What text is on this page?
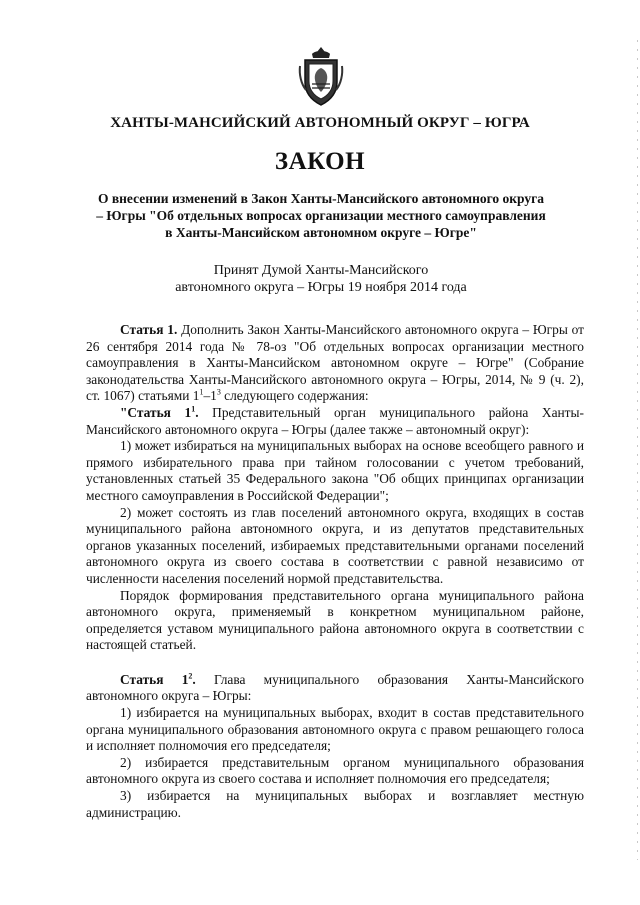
ХАНТЫ-МАНСИЙСКИЙ АВТОНОМНЫЙ ОКРУГ – ЮГРА
ЗАКОН
О внесении изменений в Закон Ханты-Мансийского автономного округа – Югры "Об отдельных вопросах организации местного самоуправления в Ханты-Мансийском автономном округе – Югре"
Принят Думой Ханты-Мансийского
автономного округа – Югры 19 ноября 2014 года

Статья 1. Дополнить Закон Ханты-Мансийского автономного округа – Югры от 26 сентября 2014 года № 78-оз "Об отдельных вопросах организации местного самоуправления в Ханты-Мансийском автономном округе – Югре" (Собрание законодательства Ханты-Мансийского автономного округа – Югры, 2014, № 9 (ч. 2), ст. 1067) статьями $1^1-1^3$ следующего содержания:

"Статья $1^1$. Представительный орган муниципального района Ханты-Мансийского автономного округа – Югры (далее также – автономный округ):

1) может избираться на муниципальных выборах на основе всеобщего равного и прямого избирательного права при тайном голосовании с учетом требований, установленных статьей 35 Федерального закона "Об общих принципах организации местного самоуправления в Российской Федерации";

2) может состоять из глав поселений автономного округа, входящих в состав муниципального района автономного округа, и из депутатов представительных органов указанных поселений, избираемых представительными органами поселений автономного округа из своего состава в соответствии с равной независимо от численности населения поселений нормой представительства.

Порядок формирования представительного органа муниципального района автономного округа, применяемый в конкретном муниципальном районе, определяется уставом муниципального района автономного округа в соответствии с настоящей статьей.

Статья $1^2$. Глава муниципального образования Ханты-Мансийского автономного округа – Югры:

1) избирается на муниципальных выборах, входит в состав представительного органа муниципального образования автономного округа с правом решающего голоса и исполняет полномочия его председателя;

2) избирается представительным органом муниципального образования автономного округа из своего состава и исполняет полномочия его председателя;

3) избирается на муниципальных выборах и возглавляет местную администрацию.
